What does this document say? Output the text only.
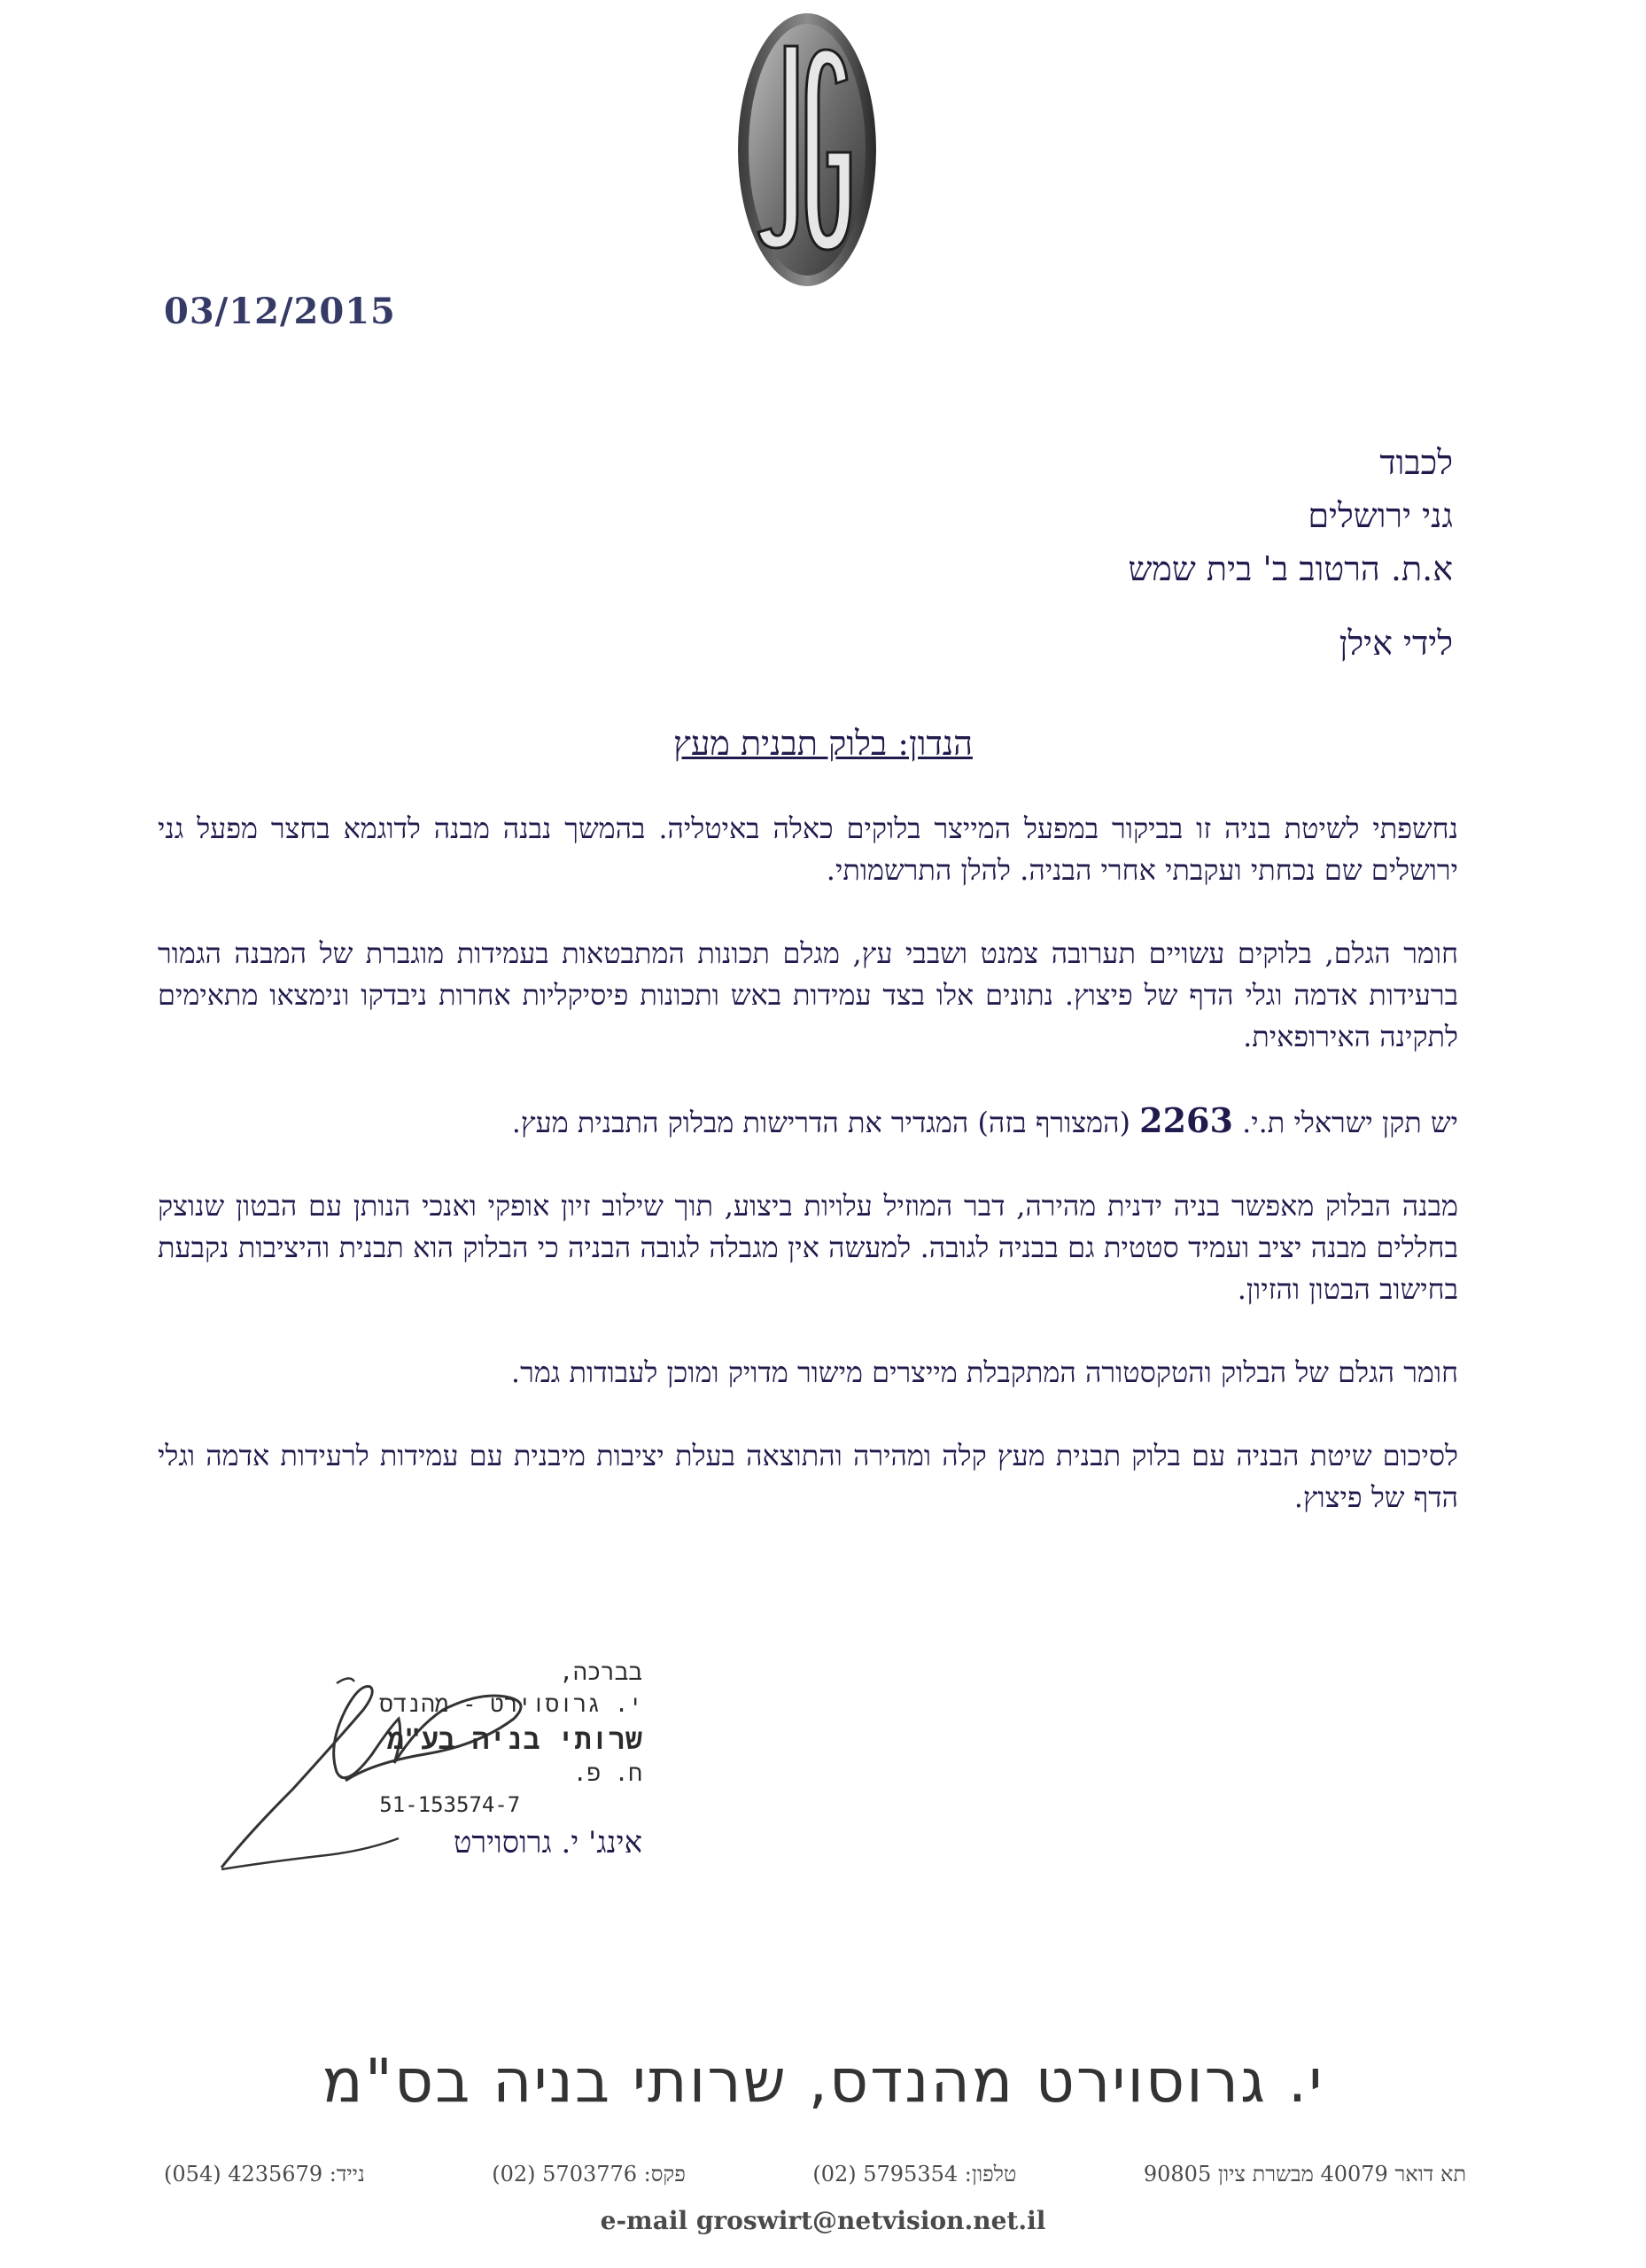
03/12/2015
לכבוד
גני ירושלים
א.ת. הרטוב ב' בית שמש
לידי אילן
הנדון: בלוק תבנית מעץ

נחשפתי לשיטת בניה זו בביקור במפעל המייצר בלוקים כאלה באיטליה. בהמשך נבנה מבנה לדוגמא בחצר מפעל גני ירושלים שם נכחתי ועקבתי אחרי הבניה. להלן התרשמותי.

חומר הגלם, בלוקים עשויים תערובה צמנט ושבבי עץ, מגלם תכונות המתבטאות בעמידות מוגברת של המבנה הגמור ברעידות אדמה וגלי הדף של פיצוץ. נתונים אלו בצד עמידות באש ותכונות פיסיקליות אחרות ניבדקו ונימצאו מתאימים לתקינה האירופאית.

יש תקן ישראלי ת.י. 2263 (המצורף בזה) המגדיר את הדרישות מבלוק התבנית מעץ.

מבנה הבלוק מאפשר בניה ידנית מהירה, דבר המוזיל עלויות ביצוע, תוך שילוב זיון אופקי ואנכי הנותן עם הבטון שנוצק בחללים מבנה יציב ועמיד סטטית גם בבניה לגובה. למעשה אין מגבלה לגובה הבניה כי הבלוק הוא תבנית והיציבות נקבעת בחישוב הבטון והזיון.

חומר הגלם של הבלוק והטקסטורה המתקבלת מייצרים מישור מדויק ומוכן לעבודות גמר.

לסיכום שיטת הבניה עם בלוק תבנית מעץ קלה ומהירה והתוצאה בעלת יציבות מיבנית עם עמידות לרעידות אדמה וגלי הדף של פיצוץ.

בברכה,
י. גרוסוירט - מהנדס
שרותי בניה בע"מ
ח. פ.
51-153574-7
אינג' י. גרוסוירט
י. גרוסוירט מהנדס, שרותי בניה בס"מ
תא דואר 40079 מבשרת ציון 90805
טלפון: 5795354 (02)
פקס: 5703776 (02)
נייד: 4235679 (054)
e-mail groswirt@netvision.net.il
